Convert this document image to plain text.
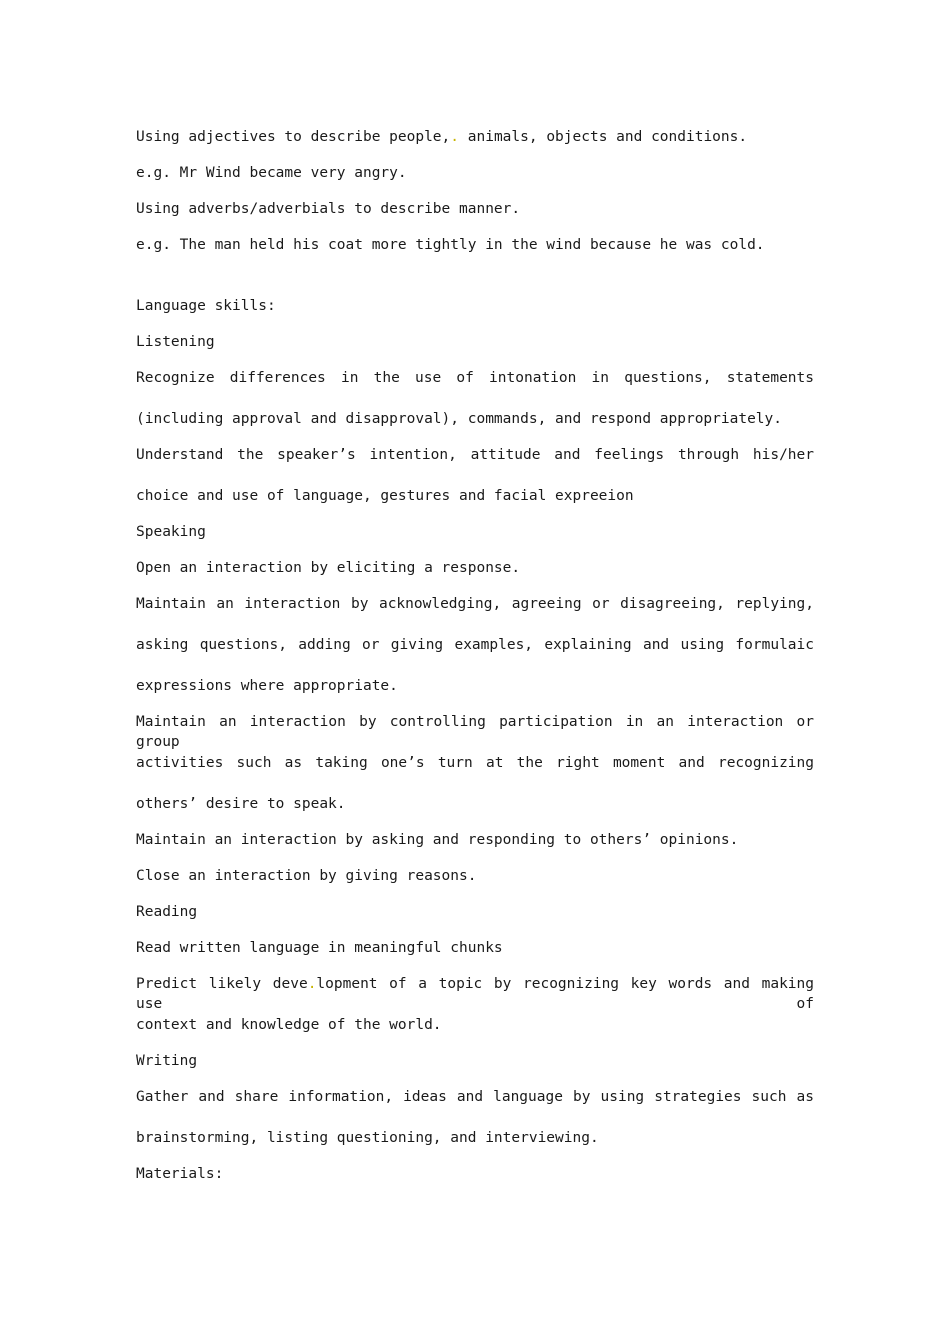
Using adjectives to describe people,. animals, objects and conditions.
e.g. Mr Wind became very angry.
Using adverbs/adverbials to describe manner.
e.g. The man held his coat more tightly in the wind because he was cold.
Language skills:
Listening
Recognize differences in the use of intonation in questions, statements
(including approval and disapproval), commands, and respond appropriately.
Understand the speaker’s intention, attitude and feelings through his/her
choice and use of language, gestures and facial expreeion
Speaking
Open an interaction by eliciting a response.
Maintain an interaction by acknowledging, agreeing or disagreeing, replying,
asking questions, adding or giving examples, explaining and using formulaic
expressions where appropriate.
Maintain an interaction by controlling participation in an interaction or group
activities such as taking one’s turn at the right moment and recognizing
others’ desire to speak.
Maintain an interaction by asking and responding to others’ opinions.
Close an interaction by giving reasons.
Reading
Read written language in meaningful chunks
Predict likely deve.lopment of a topic by recognizing key words and making use of
context and knowledge of the world.
Writing
Gather and share information, ideas and language by using strategies such as
brainstorming, listing questioning, and interviewing.
Materials:
